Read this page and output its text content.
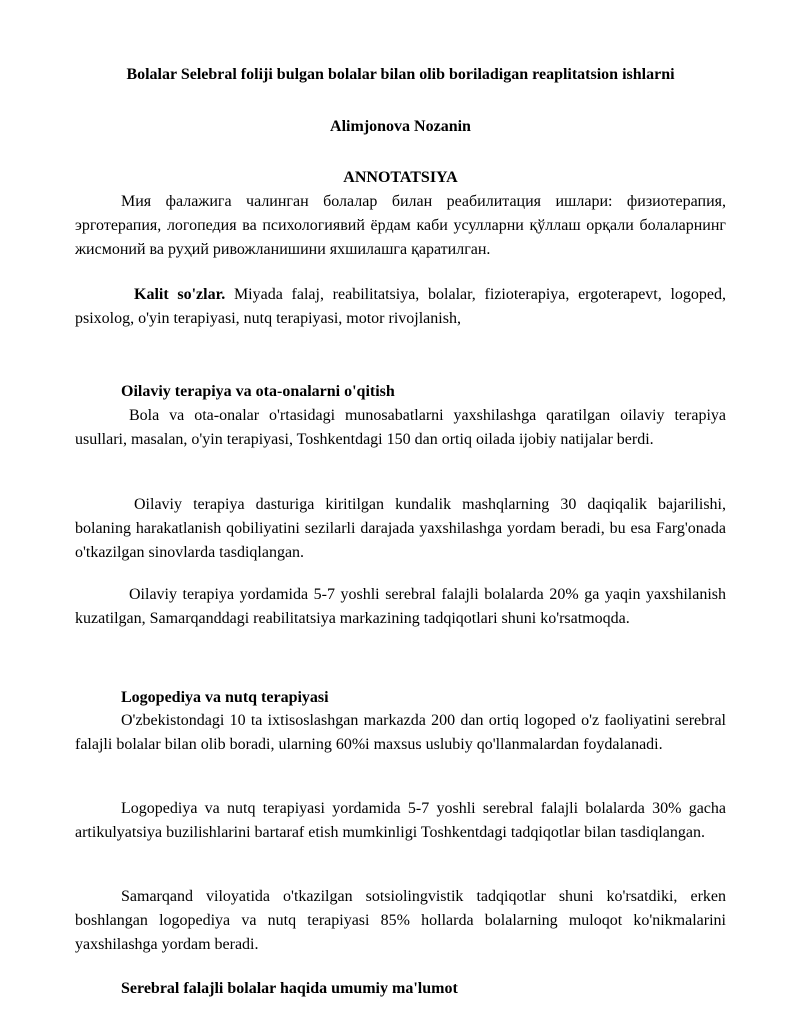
Bolalar Selebral foliji bulgan bolalar bilan olib boriladigan reaplitatsion ishlarni
Alimjonova Nozanin
ANNOTATSIYA

Мия фалажига чалинган болалар билан реабилитация ишлари: физиотерапия, эрготерапия, логопедия ва психологиявий ёрдам каби усулларни қўллаш орқали болаларнинг жисмоний ва руҳий ривожланишини яхшилашга қаратилган.

Kalit so'zlar. Miyada falaj, reabilitatsiya, bolalar, fizioterapiya, ergoterapevt, logoped, psixolog, o'yin terapiyasi, nutq terapiyasi, motor rivojlanish,

Oilaviy terapiya va ota-onalarni o'qitish

Bola va ota-onalar o'rtasidagi munosabatlarni yaxshilashga qaratilgan oilaviy terapiya usullari, masalan, o'yin terapiyasi, Toshkentdagi 150 dan ortiq oilada ijobiy natijalar berdi.

Oilaviy terapiya dasturiga kiritilgan kundalik mashqlarning 30 daqiqalik bajarilishi, bolaning harakatlanish qobiliyatini sezilarli darajada yaxshilashga yordam beradi, bu esa Farg'onada o'tkazilgan sinovlarda tasdiqlangan.

Oilaviy terapiya yordamida 5-7 yoshli serebral falajli bolalarda 20% ga yaqin yaxshilanish kuzatilgan, Samarqanddagi reabilitatsiya markazining tadqiqotlari shuni ko'rsatmoqda.

Logopediya va nutq terapiyasi

O'zbekistondagi 10 ta ixtisoslashgan markazda 200 dan ortiq logoped o'z faoliyatini serebral falajli bolalar bilan olib boradi, ularning 60%i maxsus uslubiy qo'llanmalardan foydalanadi.

Logopediya va nutq terapiyasi yordamida 5-7 yoshli serebral falajli bolalarda 30% gacha artikulyatsiya buzilishlarini bartaraf etish mumkinligi Toshkentdagi tadqiqotlar bilan tasdiqlangan.

Samarqand viloyatida o'tkazilgan sotsiolingvistik tadqiqotlar shuni ko'rsatdiki, erken boshlangan logopediya va nutq terapiyasi 85% hollarda bolalarning muloqot ko'nikmalarini yaxshilashga yordam beradi.

Serebral falajli bolalar haqida umumiy ma'lumot
